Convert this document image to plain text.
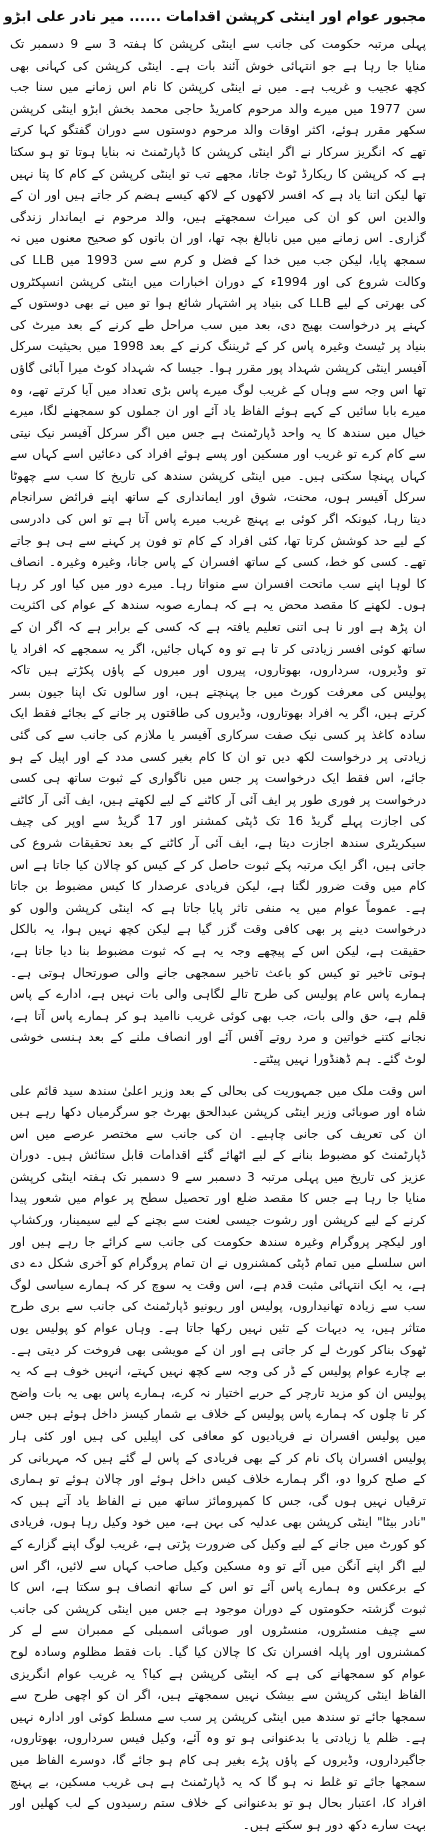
مجبور عوام اور اینٹی کرپشن اقدامات ...... میر نادر علی ابڑو
پہلی مرتبہ حکومت کی جانب سے اینٹی کرپشن کا ہفتہ 3 سے 9 دسمبر تک منایا جا رہا ہے جو انتہائی خوش آئند بات ہے۔ اینٹی کرپشن کی کہانی بھی کچھ عجیب و غریب ہے۔ میں نے اینٹی کرپشن کا نام اس زمانے میں سنا جب سن 1977 میں میرے والد مرحوم کامریڈ حاجی محمد بخش ابڑو اینٹی کرپشن سکھر مقرر ہوئے، اکثر اوقات والد مرحوم دوستوں سے دوران گفتگو کہا کرتے تھے کہ انگریز سرکار نے اگر اینٹی کرپشن کا ڈپارٹمنٹ نہ بنایا ہوتا تو ہو سکتا ہے کہ کرپشن کا ریکارڈ ٹوٹ جاتا، مجھے تب تو اینٹی کرپشن کے کام کا پتا نہیں تھا لیکن اتنا یاد ہے کہ افسر لاکھوں کے لاکھ کیسے ہضم کر جاتے ہیں اور ان کے والدین اس کو ان کی میراث سمجھتے ہیں، والد مرحوم نے ایماندار زندگی گزاری۔ اس زمانے میں میں نابالغ بچہ تھا، اور ان باتوں کو صحیح معنوں میں نہ سمجھ پایا، لیکن جب میں خدا کے فضل و کرم سے سن 1993 میں LLB کی وکالت شروع کی اور 1994ء کے دوران اخبارات میں اینٹی کرپشن انسپکٹروں کی بھرتی کے لیے LLB کی بنیاد پر اشتہار شائع ہوا تو میں نے بھی دوستوں کے کہنے پر درخواست بھیج دی، بعد میں سب مراحل طے کرنے کے بعد میرٹ کی بنیاد پر ٹیسٹ وغیرہ پاس کر کے ٹریننگ کرنے کے بعد 1998 میں بحیثیت سرکل آفیسر اینٹی کرپشن شہداد پور مقرر ہوا۔ جیسا کہ شہداد کوٹ میرا آبائی گاؤں تھا اس وجہ سے وہاں کے غریب لوگ میرے پاس بڑی تعداد میں آیا کرتے تھے، وہ میرے بابا سائیں کے کہے ہوئے الفاظ یاد آئے اور ان جملوں کو سمجھنے لگا، میرے خیال میں سندھ کا یہ واحد ڈپارٹمنٹ ہے جس میں اگر سرکل آفیسر نیک نیتی سے کام کرے تو غریب اور مسکین اور پسے ہوئے افراد کی دعائیں اسے کہاں سے کہاں پہنچا سکتی ہیں۔ میں اینٹی کرپشن سندھ کی تاریخ کا سب سے چھوٹا سرکل آفیسر ہوں، محنت، شوق اور ایمانداری کے ساتھ اپنے فرائض سرانجام دیتا رہا، کیونکہ اگر کوئی بے پہنچ غریب میرے پاس آتا ہے تو اس کی دادرسی کے لیے حد کوشش کرتا تھا، کئی افراد کے کام تو فون پر کہنے سے ہی ہو جاتے تھے۔ کسی کو خط، کسی کے ساتھ افسران کے پاس جانا، وغیرہ وغیرہ۔ انصاف کا لوہا اپنے سب ماتحت افسران سے منواتا رہا۔ میرے دور میں کیا اور کر رہا ہوں۔ لکھنے کا مقصد محض یہ ہے کہ ہمارے صوبہ سندھ کے عوام کی اکثریت ان پڑھ ہے اور نا ہی اتنی تعلیم یافتہ ہے کہ کسی کے برابر ہے کہ اگر ان کے ساتھ کوئی افسر زیادتی کر تا ہے تو وہ کہاں جائیں، اگر یہ سمجھے کہ افراد یا تو وڈیروں، سرداروں، بھوتاروں، پیروں اور میروں کے پاؤں پکڑتے ہیں تاکہ پولیس کی معرفت کورٹ میں جا پہنچتے ہیں، اور سالوں تک اپنا جیون بسر کرتے ہیں، اگر یہ افراد بھوتاروں، وڈیروں کی طاقتوں پر جانے کے بجائے فقط ایک سادہ کاغذ پر کسی نیک صفت سرکاری آفیسر یا ملازم کی جانب سے کی گئی زیادتی پر درخواست لکھ دیں تو ان کا کام بغیر کسی مدد کے اور اپیل کے ہو جائے، اس فقط ایک درخواست پر جس میں ناگواری کے ثبوت ساتھ ہی کسی درخواست پر فوری طور پر ایف آئی آر کاٹنے کے لیے لکھتے ہیں، ایف آئی آر کاٹنے کی اجازت پہلے گریڈ 16 تک ڈپٹی کمشنر اور 17 گریڈ سے اوپر کی چیف سیکریٹری سندھ اجازت دیتا ہے، ایف آئی آر کاٹنے کے بعد تحقیقات شروع کی جاتی ہیں، اگر ایک مرتبہ پکے ثبوت حاصل کر کے کیس کو چالان کیا جاتا ہے اس کام میں وقت ضرور لگتا ہے، لیکن فریادی عرصدار کا کیس مضبوط بن جاتا ہے۔ عموماً عوام میں یہ منفی تاثر پایا جاتا ہے کہ اینٹی کرپشن والوں کو درخواست دینے پر بھی کافی وقت گزر گیا ہے لیکن کچھ نہیں ہوا، یہ بالکل حقیقت ہے، لیکن اس کے پیچھے وجہ یہ ہے کہ ثبوت مضبوط بنا دیا جاتا ہے، ہوتی تاخیر تو کیس کو باعث تاخیر سمجھی جانے والی صورتحال ہوتی ہے۔ ہمارے پاس عام پولیس کی طرح تالے لگاہی والی بات نہیں ہے، ادارے کے پاس قلم ہے، حق والی بات، جب بھی کوئی غریب ناامید ہو کر ہمارے پاس آتا ہے، نجانے کتنے خواتین و مرد روتے آفس آئے اور انصاف ملنے کے بعد ہنسی خوشی لوٹ گئے۔ ہم ڈھنڈورا نہیں پیٹتے۔
اس وقت ملک میں جمہوریت کی بحالی کے بعد وزیر اعلیٰ سندھ سید قائم علی شاہ اور صوبائی وزیر اینٹی کرپشن عبدالحق بھرٹ جو سرگرمیاں دکھا رہے ہیں ان کی تعریف کی جانی چاہیے۔ ان کی جانب سے مختصر عرصے میں اس ڈپارٹمنٹ کو مضبوط بنانے کے لیے اٹھائے گئے اقدامات قابل ستائش ہیں۔ دوران عزیز کی تاریخ میں پہلی مرتبہ 3 دسمبر سے 9 دسمبر تک ہفتہ اینٹی کرپشن منایا جا رہا ہے جس کا مقصد ضلع اور تحصیل سطح پر عوام میں شعور پیدا کرنے کے لیے کرپشن اور رشوت جیسی لعنت سے بچنے کے لیے سیمینار، ورکشاپ اور لیکچر پروگرام وغیرہ سندھ حکومت کی جانب سے کرائے جا رہے ہیں اور اس سلسلے میں تمام ڈپٹی کمشنروں نے ان تمام پروگرام کو آخری شکل دے دی ہے، یہ ایک انتہائی مثبت قدم ہے، اس وقت یہ سوچ کر کہ ہمارے سیاسی لوگ سب سے زیادہ تھانیداروں، پولیس اور ریونیو ڈپارٹمنٹ کی جانب سے بری طرح متاثر ہیں، یہ دیہات کے تئیں نہیں رکھا جاتا ہے۔ وہاں عوام کو پولیس یوں ٹھوک بناکر کورٹ لے کر جاتی ہے اور ان کے مویشی بھی فروخت کر دیتی ہے۔ بے چارے عوام پولیس کے ڈر کی وجہ سے کچھ نہیں کہتے، انہیں خوف ہے کہ یہ پولیس ان کو مزید تارچر کے حربے اختیار نہ کرے، ہمارے پاس بھی یہ بات واضح کر تا چلوں کہ ہمارے پاس پولیس کے خلاف بے شمار کیسز داخل ہوئے ہیں جس میں پولیس افسران نے فریادیوں کو معافی کی اپیلیں کی ہیں اور کئی ہار پولیس افسران پاک نام کر کے بھی فریادی کے پاس لے گئے ہیں کہ مہربانی کر کے صلح کروا دو، اگر ہمارے خلاف کیس داخل ہوئے اور چالان ہوئے تو ہماری ترقیاں نہیں ہوں گی، جس کا کمپرومائز ساتھ میں نے الفاظ یاد آتے ہیں کہ "نادر بیٹا" اینٹی کرپشن بھی عدلیہ کی بہن ہے، میں خود وکیل رہا ہوں، فریادی کو کورٹ میں جانے کے لیے وکیل کی ضرورت پڑتی ہے، غریب لوگ اپنے گزارے کے لیے اگر اپنے آنگن میں آئے تو وہ مسکین وکیل صاحب کہاں سے لائیں، اگر اس کے برعکس وہ ہمارے پاس آئے تو اس کے ساتھ انصاف ہو سکتا ہے، اس کا ثبوت گزشتہ حکومتوں کے دوران موجود ہے جس میں اینٹی کرپشن کی جانب سے چیف منسٹروں، منسٹروں اور صوبائی اسمبلی کے ممبران سے لے کر کمشنروں اور پاپلہ افسران تک کا چالان کیا گیا۔ بات فقط مظلوم وسادہ لوح عوام کو سمجھانے کی ہے کہ اینٹی کرپشن ہے کیا؟ یہ غریب عوام انگریزی الفاظ اینٹی کرپشن سے بیشک نہیں سمجھتے ہیں، اگر ان کو اچھی طرح سے سمجھا جائے تو سندھ میں اینٹی کرپشن پر سب سے مسلط کوئی اور ادارہ نہیں ہے۔ ظلم یا زیادتی یا بدعنوانی ہو تو وہ آئے، وکیل فیس سرداروں، بھوتاروں، جاگیرداروں، وڈیروں کے پاؤں پڑے بغیر ہی کام ہو جائے گا، دوسرے الفاظ میں سمجھا جائے تو غلط نہ ہو گا کہ یہ ڈپارٹمنٹ ہے ہی غریب مسکین، بے پہنچ افراد کا، اعتبار بحال ہو تو بدعنوانی کے خلاف ستم رسیدوں کے لب کھلیں اور بہت سارے دکھ دور ہو سکتے ہیں۔
